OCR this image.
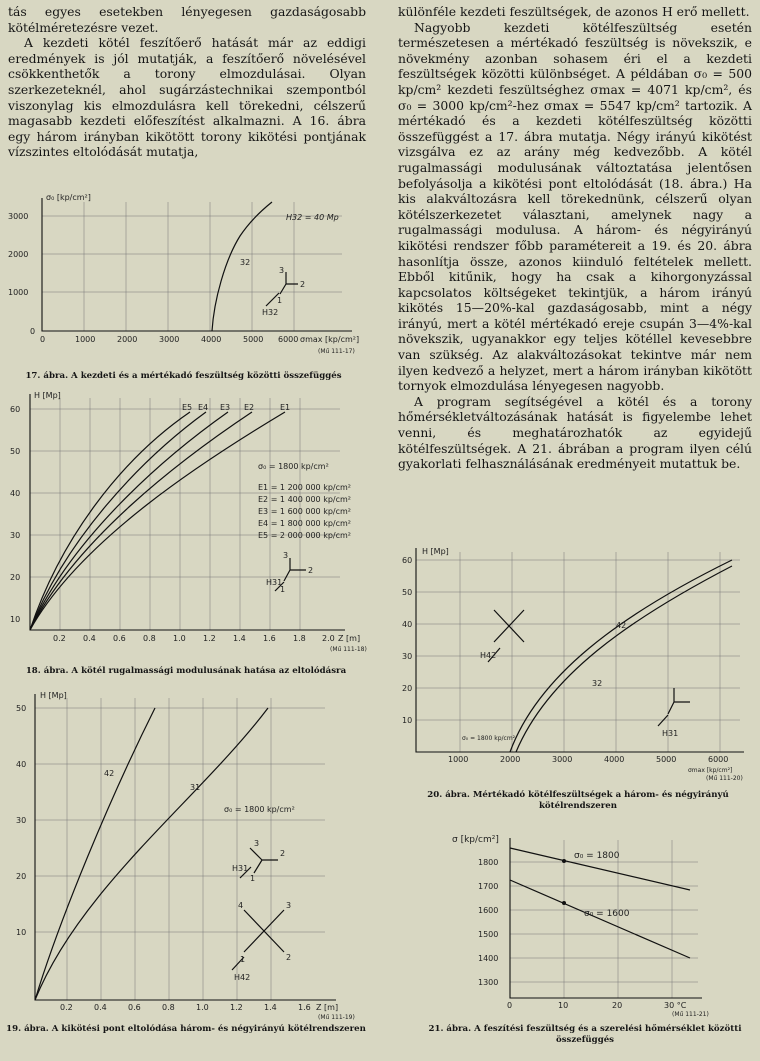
tás egyes esetekben lényegesen gazdaságosabb kötélméretezésre vezet.

A kezdeti kötél feszítőerő hatását már az eddigi eredmények is jól mutatják, a feszítőerő növelésével csökkenthetők a torony elmozdulásai. Olyan szerkezeteknél, ahol sugárzástechnikai szempontból viszonylag kis elmozdulásra kell törekedni, célszerű magasabb kezdeti előfeszítést alkalmazni. A 16. ábra egy három irányban kikötött torony kikötési pontjának vízszintes eltolódását mutatja,

különféle kezdeti feszültségek, de azonos H erő mellett.

Nagyobb kezdeti kötélfeszültség esetén természetesen a mértékadó feszültség is növekszik, e növekmény azonban sohasem éri el a kezdeti feszültségek közötti különbséget. A példában σ₀ = 500 kp/cm² kezdeti feszültséghez σmax = 4071 kp/cm², és σ₀ = 3000 kp/cm²-hez σmax = 5547 kp/cm² tartozik. A mértékadó és a kezdeti kötélfeszültség közötti összefüggést a 17. ábra mutatja. Négy irányú kikötést vizsgálva ez az arány még kedvezőbb. A kötél rugalmassági modulusának változtatása jelentősen befolyásolja a kikötési pont eltolódását (18. ábra.) Ha kis alakváltozásra kell törekednünk, célszerű olyan kötélszerkezetet választani, amelynek nagy a rugalmassági modulusa. A három- és négyirányú kikötési rendszer főbb paramétereit a 19. és 20. ábra hasonlítja össze, azonos kiinduló feltételek mellett. Ebből kitűnik, hogy ha csak a kihorgonyzással kapcsolatos költségeket tekintjük, a három irányú kikötés 15—20%-kal gazdaságosabb, mint a négy irányú, mert a kötél mértékadó ereje csupán 3—4%-kal növekszik, ugyanakkor egy teljes kötéllel kevesebbre van szükség. Az alakváltozásokat tekintve már nem ilyen kedvező a helyzet, mert a három irányban kikötött tornyok elmozdulása lényegesen nagyobb.

A program segítségével a kötél és a torony hőmérsékletváltozásának hatását is figyelembe lehet venni, és meghatározhatók az egyidejű kötélfeszültségek. A 21. ábrában a program ilyen célú gyakorlati felhasználásának eredményeit mutattuk be.

σ₀ [kp/cm²]
3000
2000
1000
0
0	1000	2000	3000	4000	5000 6000 σmax [kp/cm²]
(Mű 111-17)
32
H32 = 40 Mp
3
2
1
H32
17. ábra. A kezdeti és a mértékadó feszültség közötti összefüggés
H [Mp]
60
50
40
30
20
10
0.2 0.4 0.6 0.8 1.0 1.2 1.4 1.6 1.8 2.0 Z [m]
(Mű 111-18)
E5 E4 E3 E2	E1
σ₀ = 1800 kp/cm²
E1 = 1 200 000 kp/cm²
E2 = 1 400 000 kp/cm²
E3 = 1 600 000 kp/cm²
E4 = 1 800 000 kp/cm²
E5 = 2 000 000 kp/cm²
3
2
1
H31
18. ábra. A kötél rugalmassági modulusának hatása az eltolódásra
H [Mp]
50
40
30
20
10
0.2	0.4	0.6	0.8	1.0	1.2	1.4	1.6 Z [m]
(Mű 111-19)
42
31
σ₀ = 1800 kp/cm²
3
2
1
H31
4	3
2
1
H42
19. ábra. A kikötési pont eltolódása három- és négyirányú kötélrendszeren
H [Mp]
60
50
40
30
20
10
1000	2000	3000	4000	5000	6000
σmax [kp/cm²]
(Mű 111-20)
42
32
σ₀ = 1800 kp/cm²
H42
H31
20. ábra. Mértékadó kötélfeszültségek a három- és négyirányú kötélrendszeren
σ [kp/cm²]
1800
1700
1600
1500
1400
1300
0	10	20	30 °C
(Mű 111-21)
σ₀ = 1800
σ₀ = 1600
21. ábra. A feszítési feszültség és a szerelési hőmérséklet közötti összefüggés
